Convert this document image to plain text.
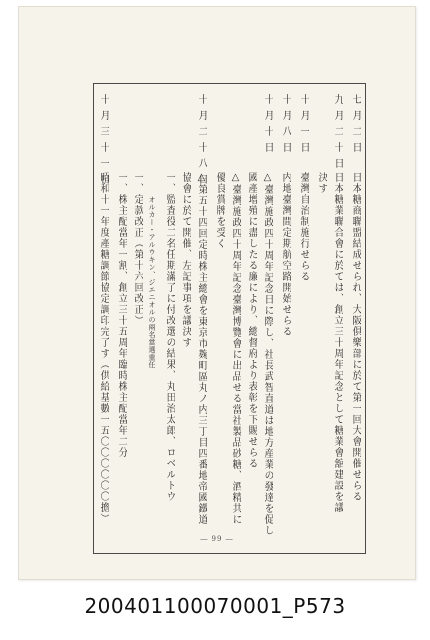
七月二日
日本糖商聯盟結成せられ、大阪俱樂部に於て第一回大會開催せらる
九月二十日
日本糖業聯合會に於ては、創立三十周年記念として糖業會舘建設を議
決す
十月一日
臺灣自治制施行せらる
十月八日
内地臺灣間定期航空路開始せらる
十月十日
△臺灣施政四十周年記念日に際し、社長武智直道は地方産業の發達を促し
國產增殖に盡したる廉により、總督府より表彰を下賜せらる
△臺灣施政四十周年記念臺灣博覽會に出品せる當社製品砂糖、酒精共に
優良賞牌を受く
十月二十八日
△第五十四回定時株主總會を東京市麹町區丸ノ内三丁目四番地帝國鐵道
協會に於て開催、左記事項を議決す
一、監査役二名任期滿了に付改選の結果、丸田治太郎、ロベルトウ
オルカー・アルウキン、ジエニオルの兩名當選重任
一、定款改正（第十六回改正）
一、株主配當年一割、創立三十五周年臨時株主配當年二分
十月三十一日
昭和十一年度產糖調節協定調印完了す（供給基數一五〇〇〇〇〇〇擔）
― 99 ―
200401100070001_P573
